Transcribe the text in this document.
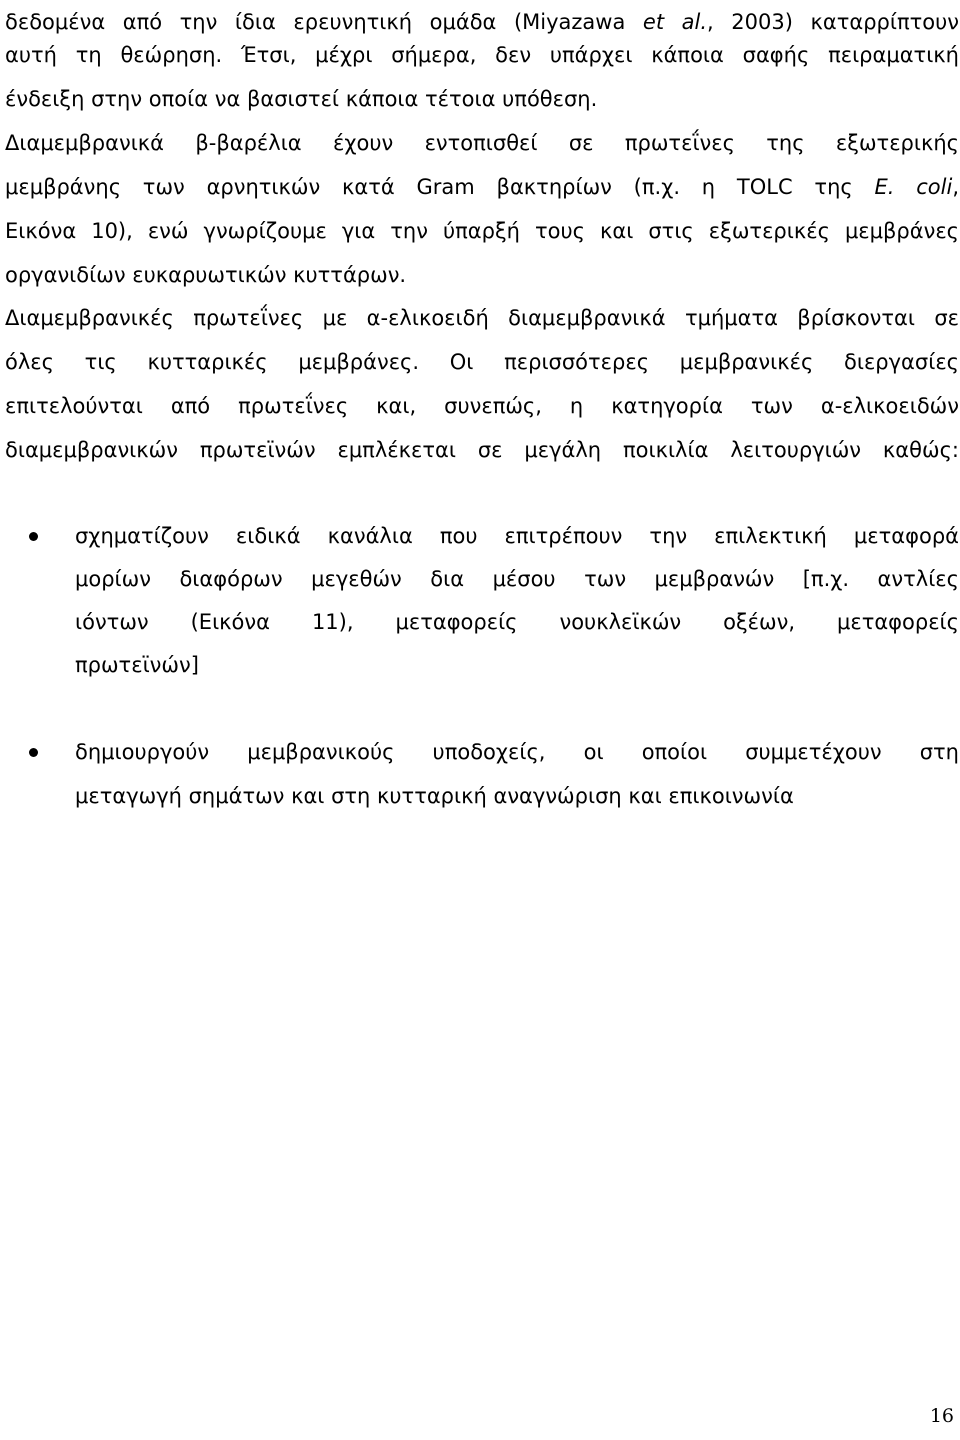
δεδομένα από την ίδια ερευνητική ομάδα (Miyazawa et al., 2003) καταρρίπτουν
αυτή τη θεώρηση. Έτσι, μέχρι σήμερα, δεν υπάρχει κάποια σαφής πειραματική
ένδειξη στην οποία να βασιστεί κάποια τέτοια υπόθεση.
Διαμεμβρανικά β-βαρέλια έχουν εντοπισθεί σε πρωτεΐνες της εξωτερικής
μεμβράνης των αρνητικών κατά Gram βακτηρίων (π.χ. η TOLC της E. coli,
Εικόνα 10), ενώ γνωρίζουμε για την ύπαρξή τους και στις εξωτερικές μεμβράνες
οργανιδίων ευκαρυωτικών κυττάρων.
Διαμεμβρανικές πρωτεΐνες με α-ελικοειδή διαμεμβρανικά τμήματα βρίσκονται σε
όλες τις κυτταρικές μεμβράνες. Οι περισσότερες μεμβρανικές διεργασίες
επιτελούνται από πρωτεΐνες και, συνεπώς, η κατηγορία των α-ελικοειδών
διαμεμβρανικών πρωτεϊνών εμπλέκεται σε μεγάλη ποικιλία λειτουργιών καθώς:
σχηματίζουν ειδικά κανάλια που επιτρέπουν την επιλεκτική μεταφορά
μορίων διαφόρων μεγεθών δια μέσου των μεμβρανών [π.χ. αντλίες
ιόντων (Εικόνα 11), μεταφορείς νουκλεϊκών οξέων, μεταφορείς
πρωτεϊνών]
δημιουργούν μεμβρανικούς υποδοχείς, οι οποίοι συμμετέχουν στη
μεταγωγή σημάτων και στη κυτταρική αναγνώριση και επικοινωνία
16
